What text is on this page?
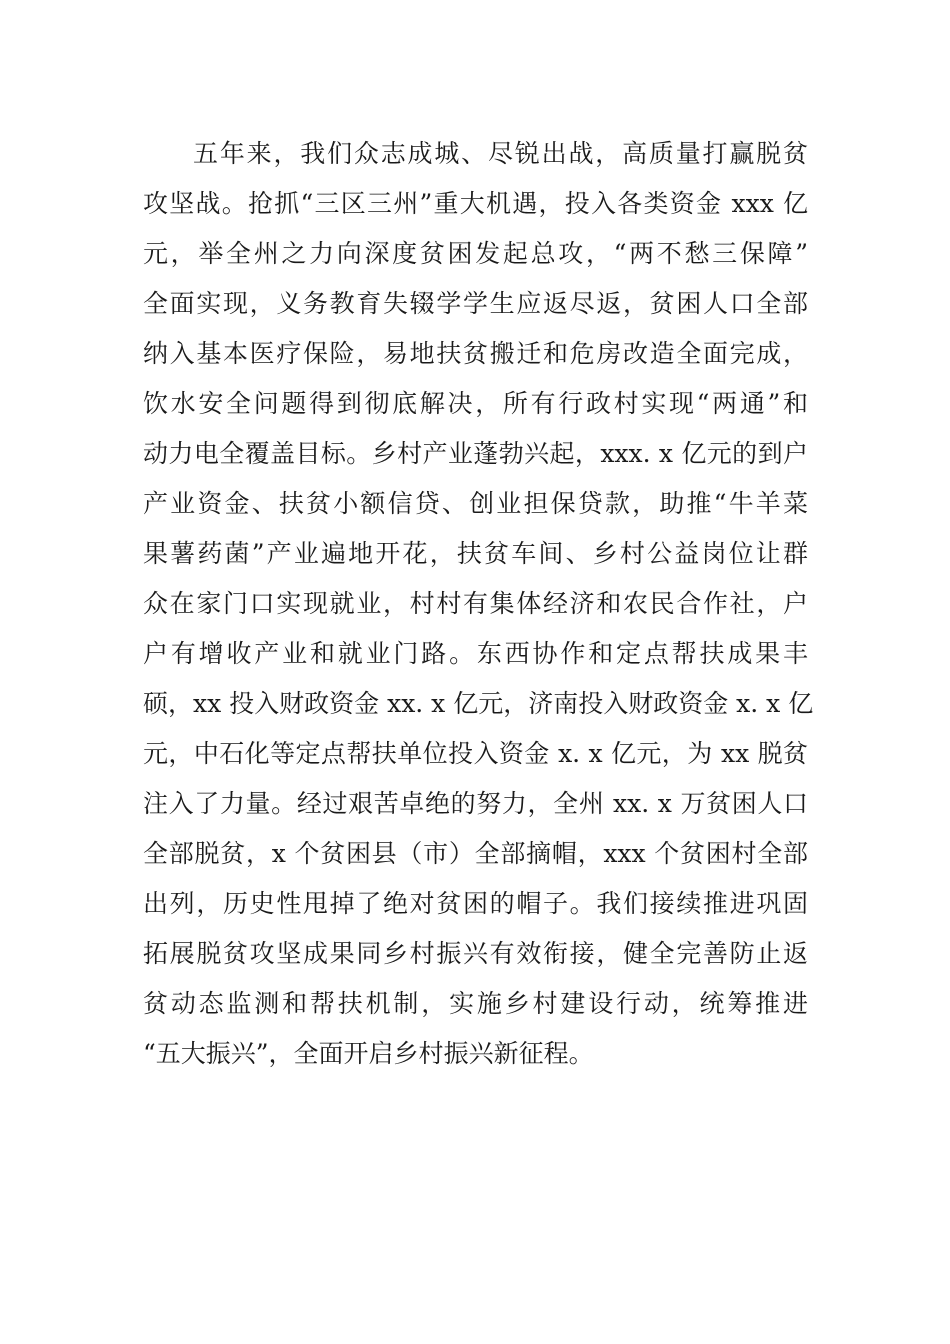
五年来，我们众志成城、尽锐出战，高质量打赢脱贫
攻坚战。抢抓“三区三州”重大机遇，投入各类资金 xxx 亿
元，举全州之力向深度贫困发起总攻，“两不愁三保障”
全面实现，义务教育失辍学学生应返尽返，贫困人口全部
纳入基本医疗保险，易地扶贫搬迁和危房改造全面完成，
饮水安全问题得到彻底解决，所有行政村实现“两通”和
动力电全覆盖目标。乡村产业蓬勃兴起，xxx. x 亿元的到户
产业资金、扶贫小额信贷、创业担保贷款，助推“牛羊菜
果薯药菌”产业遍地开花，扶贫车间、乡村公益岗位让群
众在家门口实现就业，村村有集体经济和农民合作社，户
户有增收产业和就业门路。东西协作和定点帮扶成果丰
硕，xx 投入财政资金 xx. x 亿元，济南投入财政资金 x. x 亿
元，中石化等定点帮扶单位投入资金 x. x 亿元，为 xx 脱贫
注入了力量。经过艰苦卓绝的努力，全州 xx. x 万贫困人口
全部脱贫，x 个贫困县（市）全部摘帽，xxx 个贫困村全部
出列，历史性甩掉了绝对贫困的帽子。我们接续推进巩固
拓展脱贫攻坚成果同乡村振兴有效衔接，健全完善防止返
贫动态监测和帮扶机制，实施乡村建设行动，统筹推进
“五大振兴”，全面开启乡村振兴新征程。
